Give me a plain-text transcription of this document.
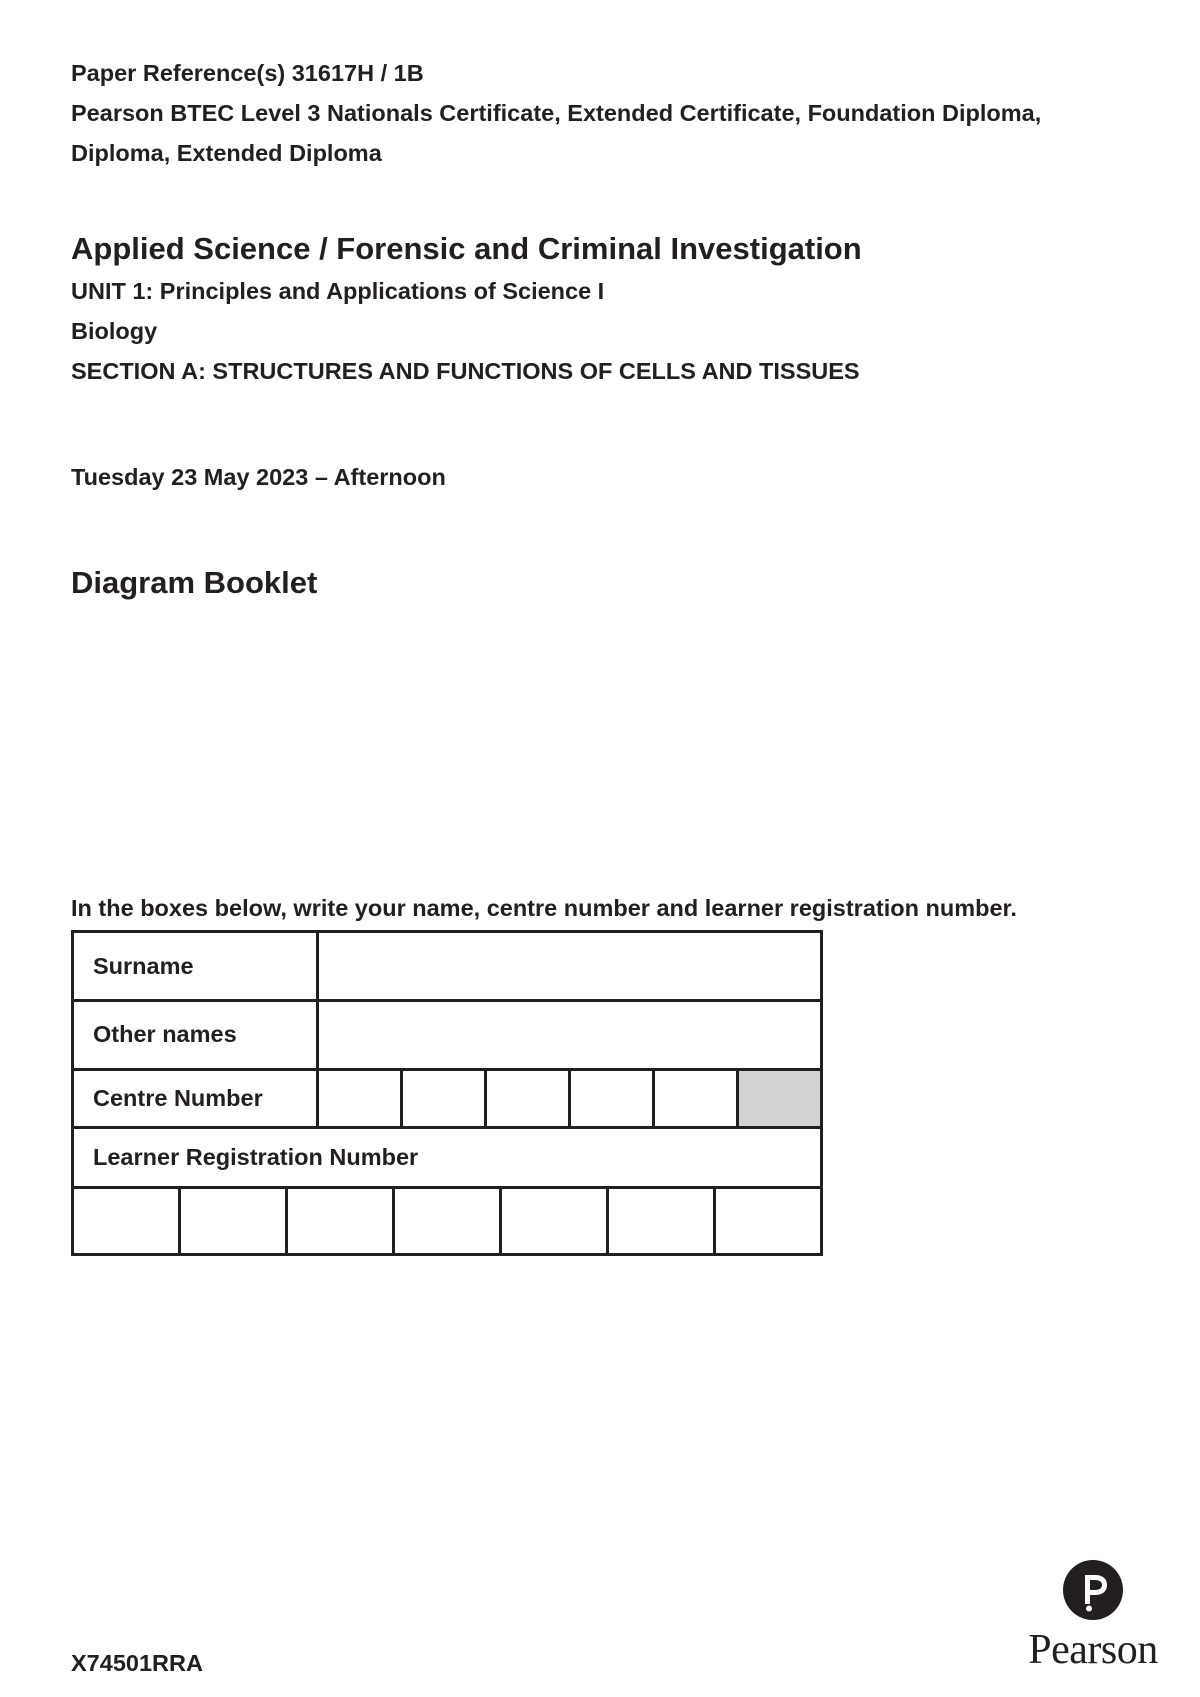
Paper Reference(s) 31617H / 1B
Pearson BTEC Level 3 Nationals Certificate, Extended Certificate, Foundation Diploma,
Diploma, Extended Diploma
Applied Science / Forensic and Criminal Investigation
UNIT 1: Principles and Applications of Science I
Biology
SECTION A: STRUCTURES AND FUNCTIONS OF CELLS AND TISSUES
Tuesday 23 May 2023 – Afternoon
Diagram Booklet
In the boxes below, write your name, centre number and learner registration number.
Surname
Other names
Centre Number
Learner Registration Number
X74501RRA	Pearson
